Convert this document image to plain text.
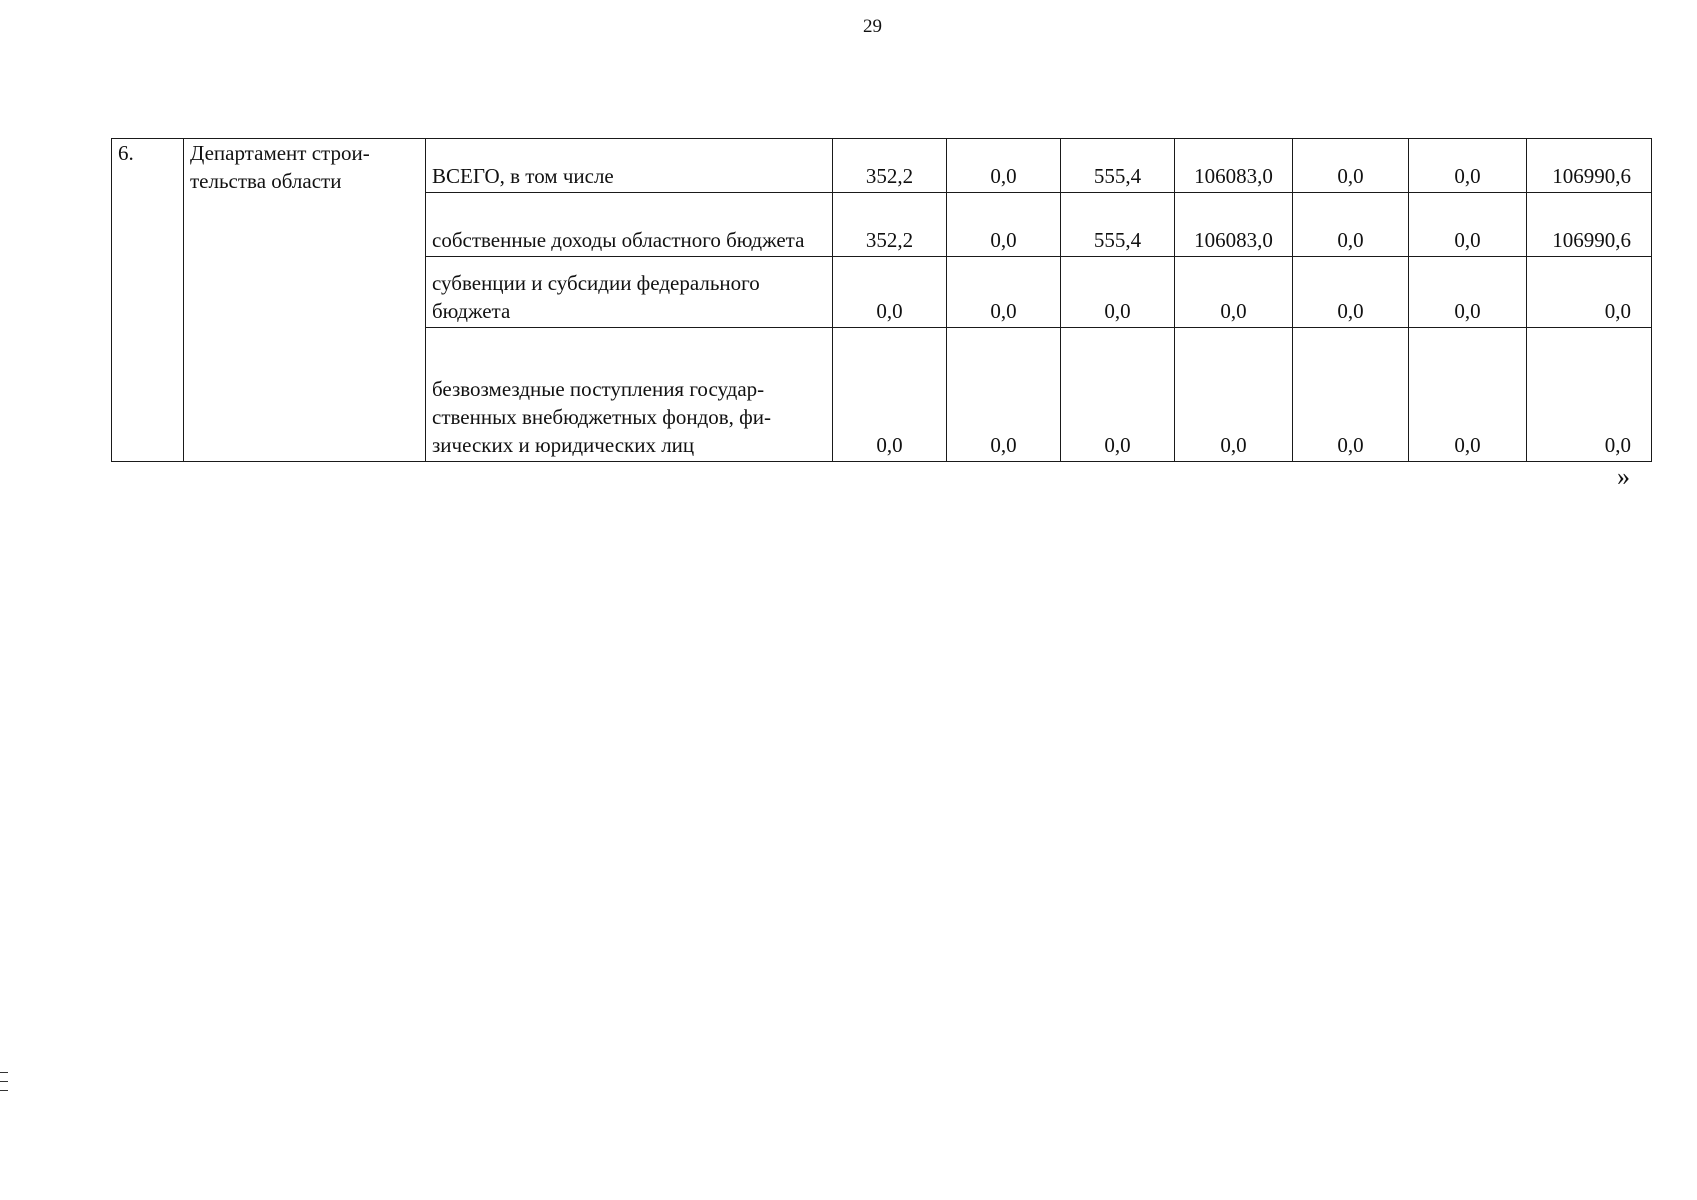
29
6.	Департамент строи-тельства области	ВСЕГО, в том числе	352,2	0,0	555,4	106083,0	0,0	0,0	106990,6
		собственные доходы областного бюджета	352,2	0,0	555,4	106083,0	0,0	0,0	106990,6
		субвенции и субсидии федерального бюджета	0,0	0,0	0,0	0,0	0,0	0,0	0,0
		безвозмездные поступления государ-ственных внебюджетных фондов, фи-зических и юридических лиц	0,0	0,0	0,0	0,0	0,0	0,0	0,0
»
